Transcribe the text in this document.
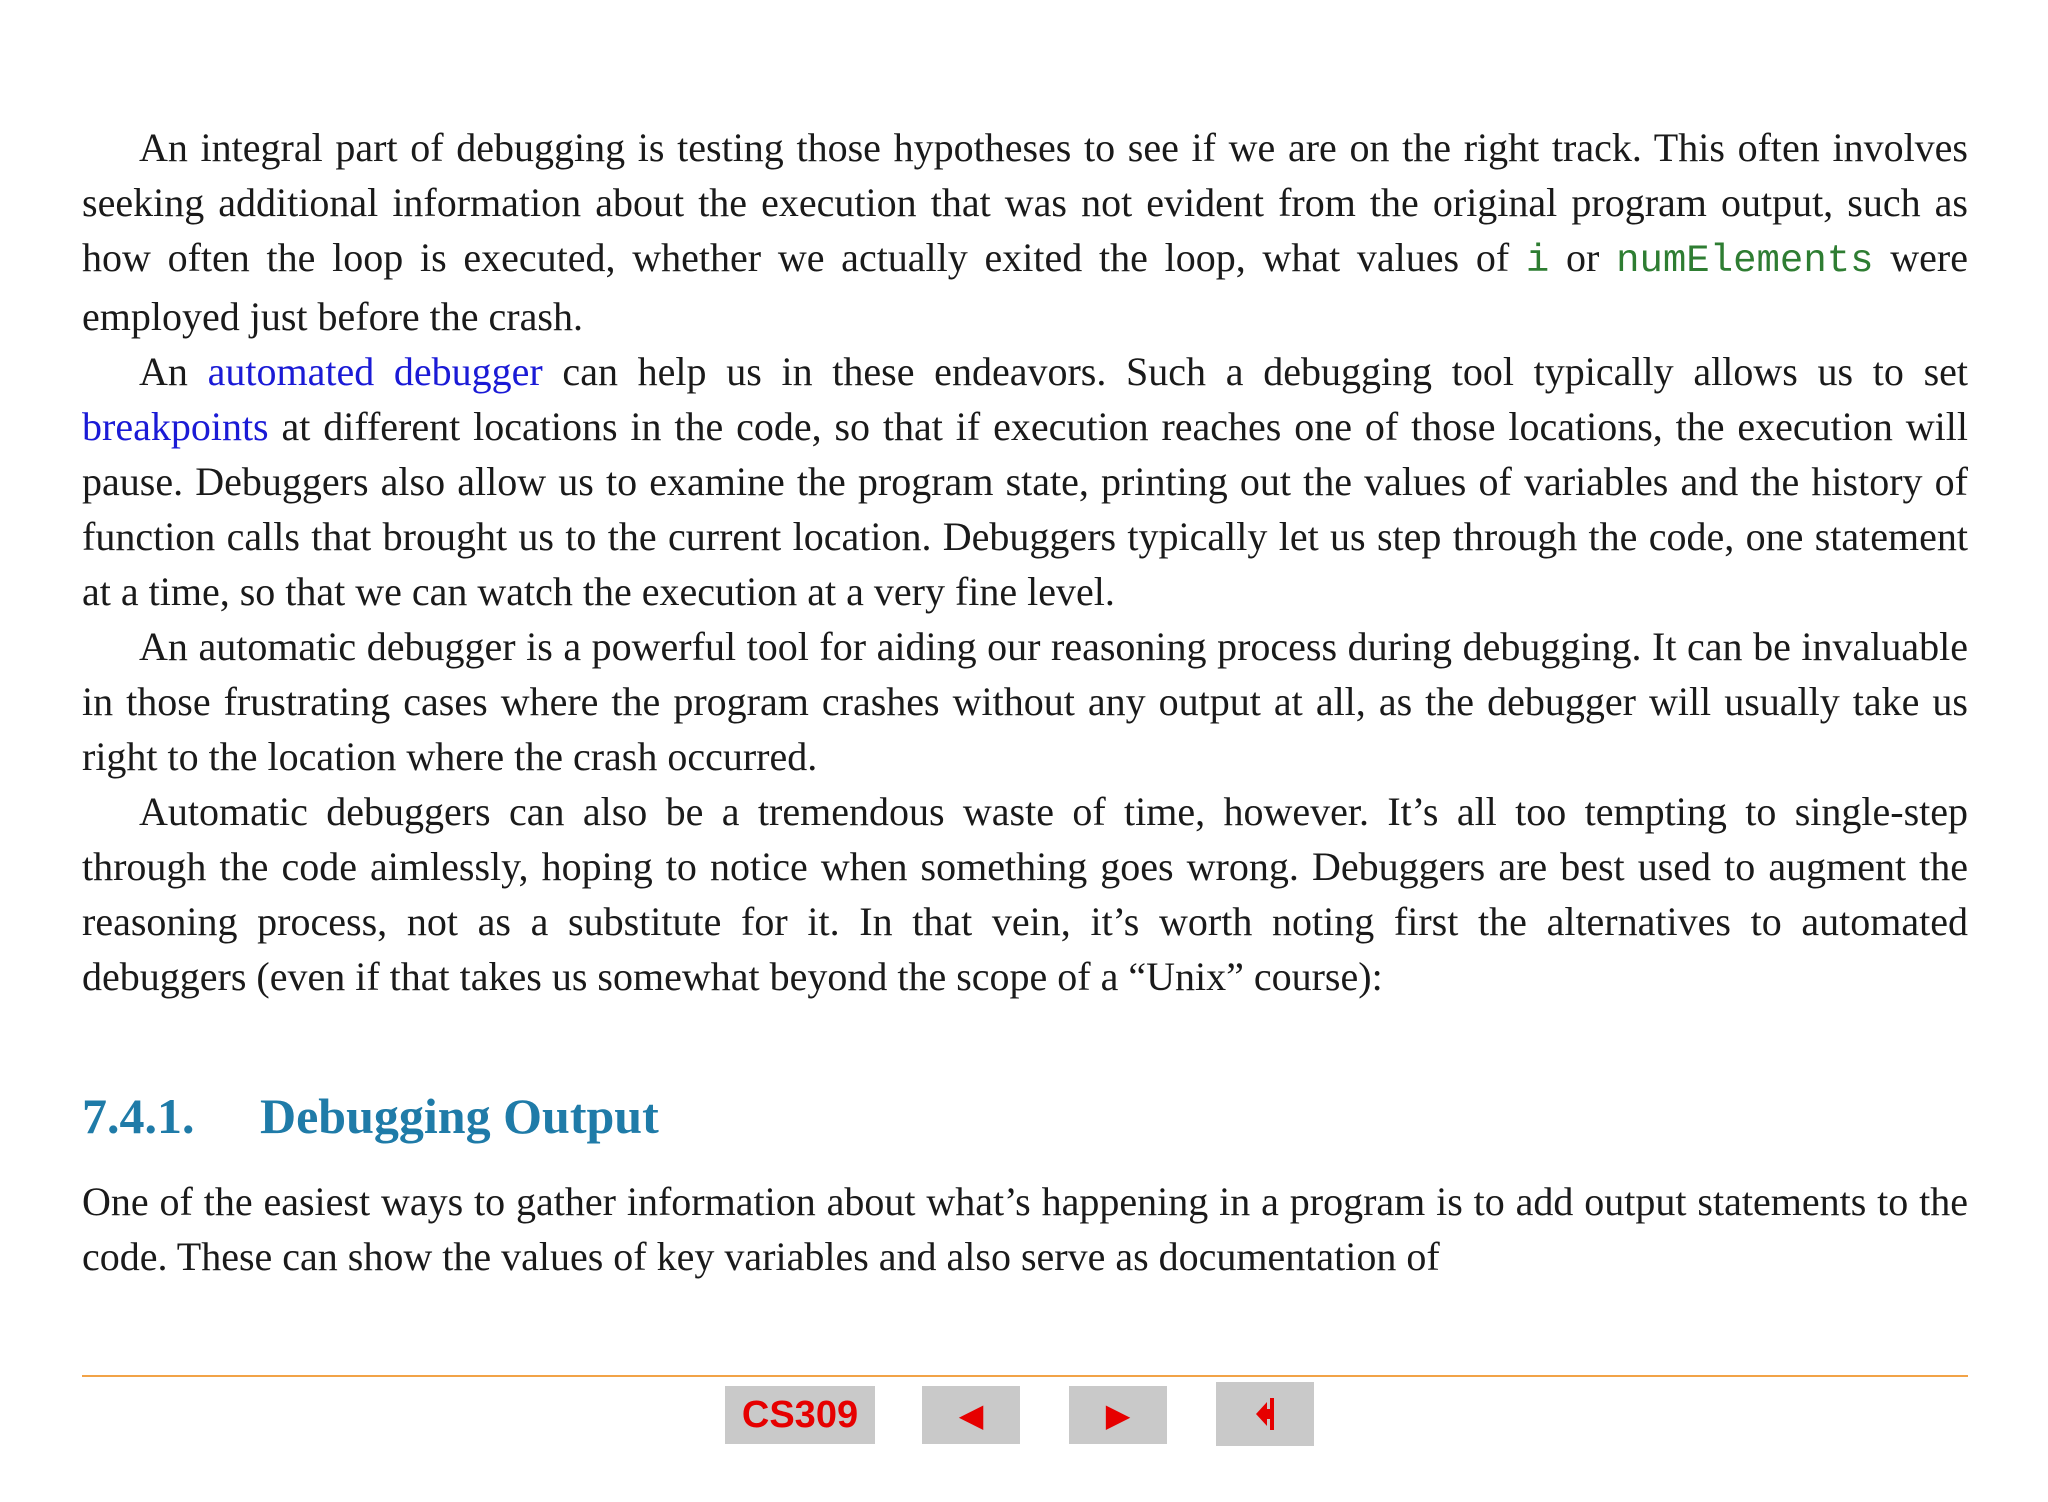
An integral part of debugging is testing those hypotheses to see if we are on the right track. This often involves seeking additional information about the execution that was not evident from the original program output, such as how often the loop is executed, whether we actually exited the loop, what values of i or numElements were employed just before the crash.

An automated debugger can help us in these endeavors. Such a debugging tool typically allows us to set breakpoints at different locations in the code, so that if execution reaches one of those locations, the execution will pause. Debuggers also allow us to examine the program state, printing out the values of variables and the history of function calls that brought us to the current location. Debuggers typically let us step through the code, one statement at a time, so that we can watch the execution at a very fine level.

An automatic debugger is a powerful tool for aiding our reasoning process during debugging. It can be invaluable in those frustrating cases where the program crashes without any output at all, as the debugger will usually take us right to the location where the crash occurred.

Automatic debuggers can also be a tremendous waste of time, however. It’s all too tempting to single-step through the code aimlessly, hoping to notice when something goes wrong. Debuggers are best used to augment the reasoning process, not as a substitute for it. In that vein, it’s worth noting first the alternatives to automated debuggers (even if that takes us somewhat beyond the scope of a “Unix” course):

7.4.1. Debugging Output

One of the easiest ways to gather information about what’s happening in a program is to add output statements to the code. These can show the values of key variables and also serve as documentation of

CS309	◀	▶
